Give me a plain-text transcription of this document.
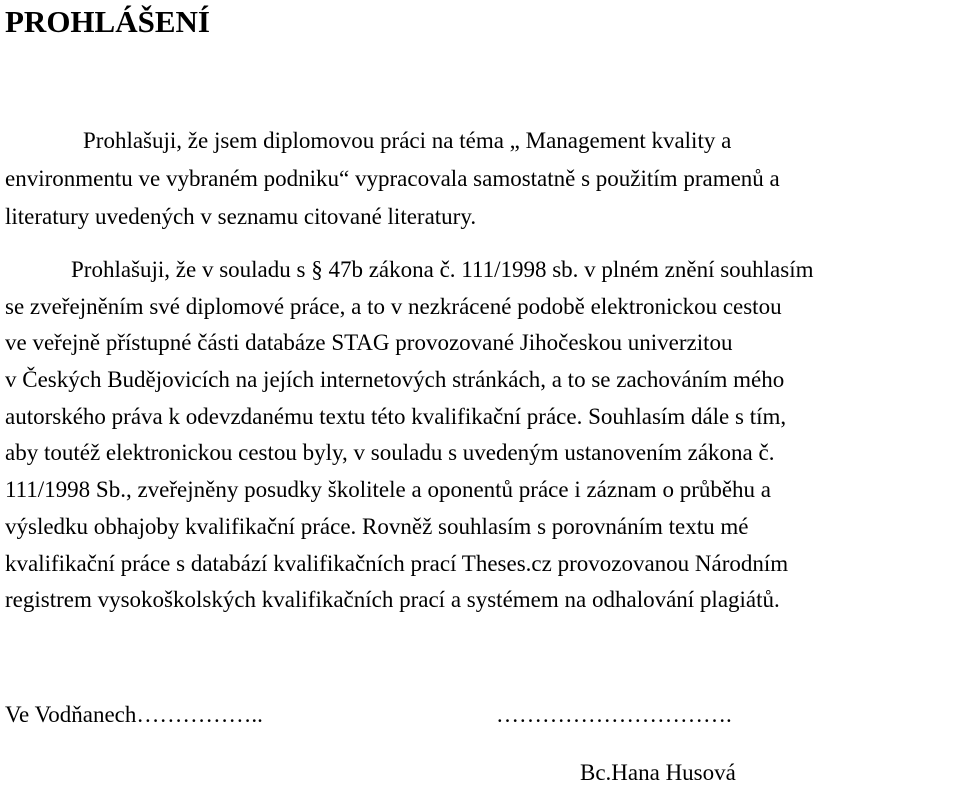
PROHLÁŠENÍ
Prohlašuji, že jsem diplomovou práci na téma „ Management kvality a
environmentu ve vybraném podniku“ vypracovala samostatně s použitím pramenů a
literatury uvedených v seznamu citované literatury.
Prohlašuji, že v souladu s § 47b zákona č. 111/1998 sb. v plném znění souhlasím
se zveřejněním své diplomové práce, a to v nezkrácené podobě elektronickou cestou
ve veřejně přístupné části databáze STAG provozované Jihočeskou univerzitou
v Českých Budějovicích na jejích internetových stránkách, a to se zachováním mého
autorského práva k odevzdanému textu této kvalifikační práce. Souhlasím dále s tím,
aby toutéž elektronickou cestou byly, v souladu s uvedeným ustanovením zákona č.
111/1998 Sb., zveřejněny posudky školitele a oponentů práce i záznam o průběhu a
výsledku obhajoby kvalifikační práce. Rovněž souhlasím s porovnáním textu mé
kvalifikační práce s databází kvalifikačních prací Theses.cz provozovanou Národním
registrem vysokoškolských kvalifikačních prací a systémem na odhalování plagiátů.
Ve Vodňanech……………..	………………………….
Bc.Hana Husová
